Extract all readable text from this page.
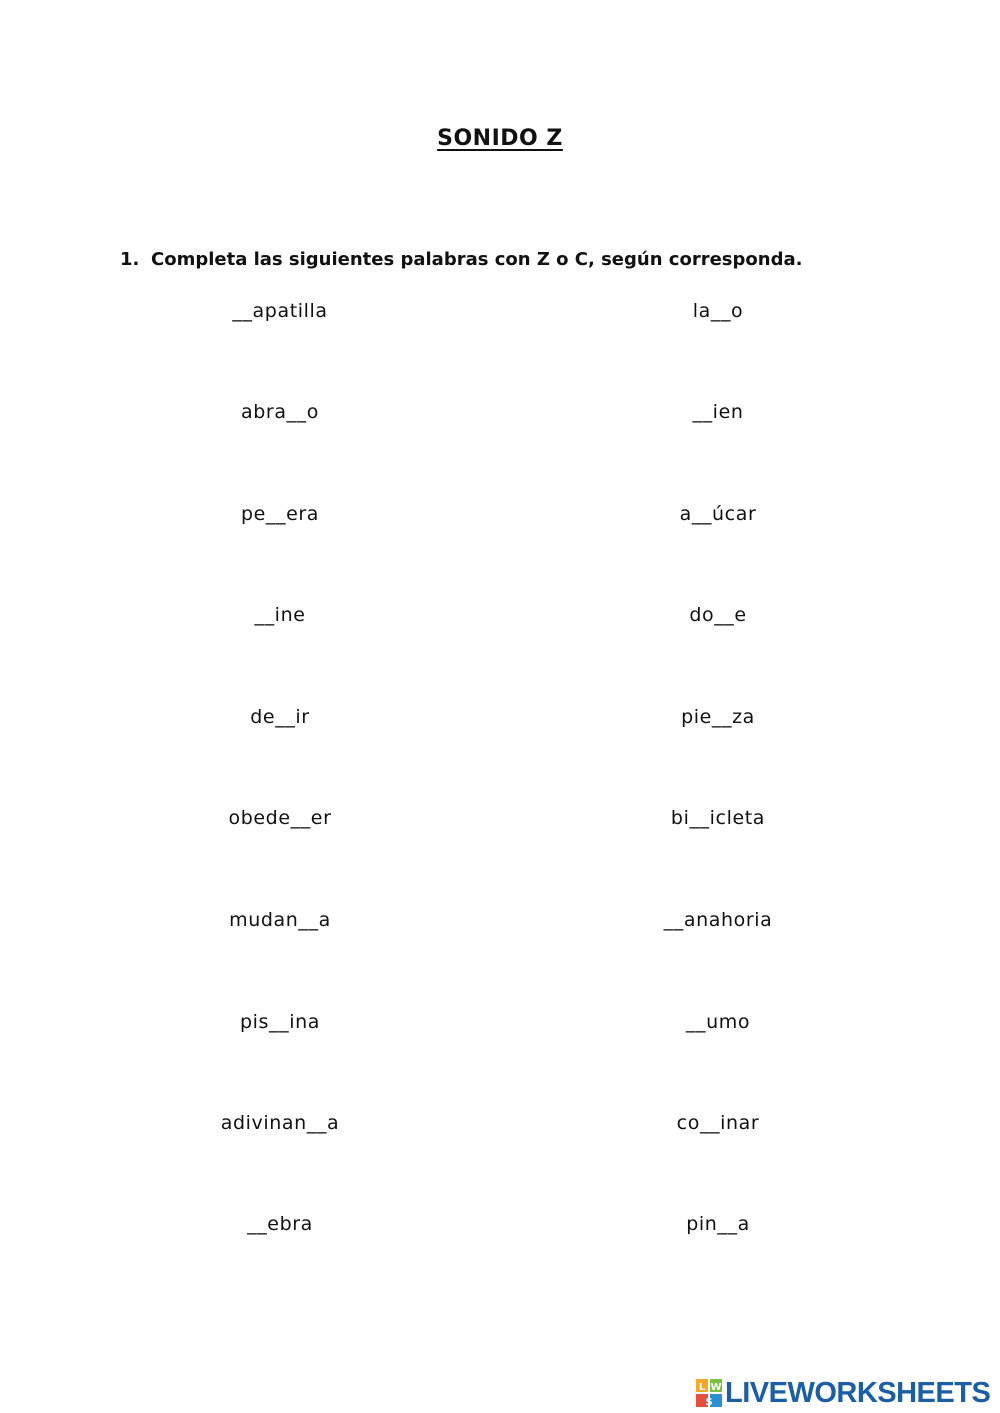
SONIDO Z
1. Completa las siguientes palabras con Z o C, según corresponda.
__apatilla
abra__o
pe__era
__ine
de__ir
obede__er
mudan__a
pis__ina
adivinan__a
__ebra
la__o
__ien
a__úcar
do__e
pie__za
bi__icleta
__anahoria
__umo
co__inar
pin__a
L W
S LIVEWORKSHEETS
